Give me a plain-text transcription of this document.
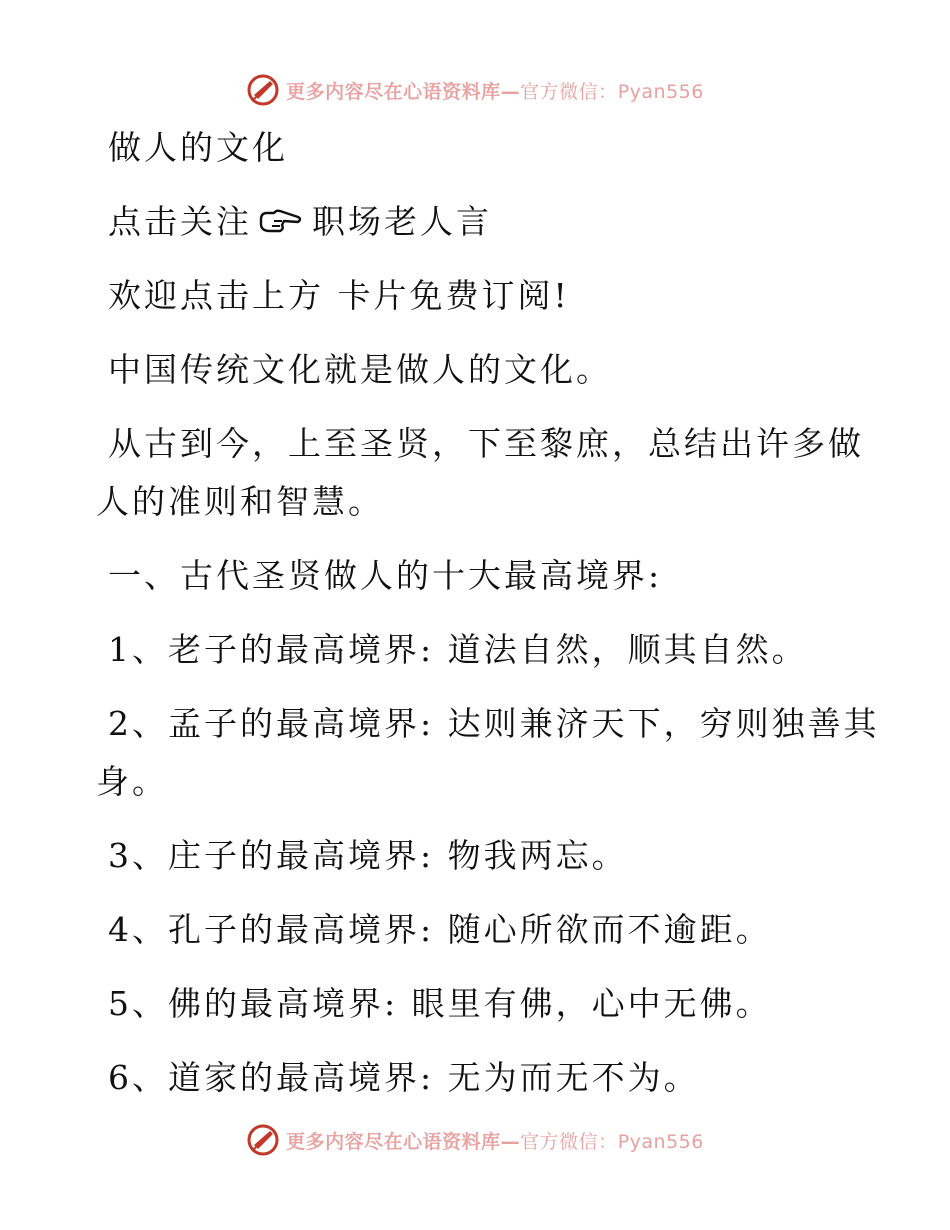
更多内容尽在心语资料库—官方微信：Pyan556
做人的文化
点击关注 职场老人言
欢迎点击上方 卡片免费订阅!
中国传统文化就是做人的文化。
从古到今，上至圣贤，下至黎庶，总结出许多做
人的准则和智慧。
一、古代圣贤做人的十大最高境界:
1、老子的最高境界: 道法自然，顺其自然。
2、孟子的最高境界: 达则兼济天下，穷则独善其
身。
3、庄子的最高境界: 物我两忘。
4、孔子的最高境界: 随心所欲而不逾距。
5、佛的最高境界: 眼里有佛，心中无佛。
6、道家的最高境界: 无为而无不为。
更多内容尽在心语资料库—官方微信：Pyan556
